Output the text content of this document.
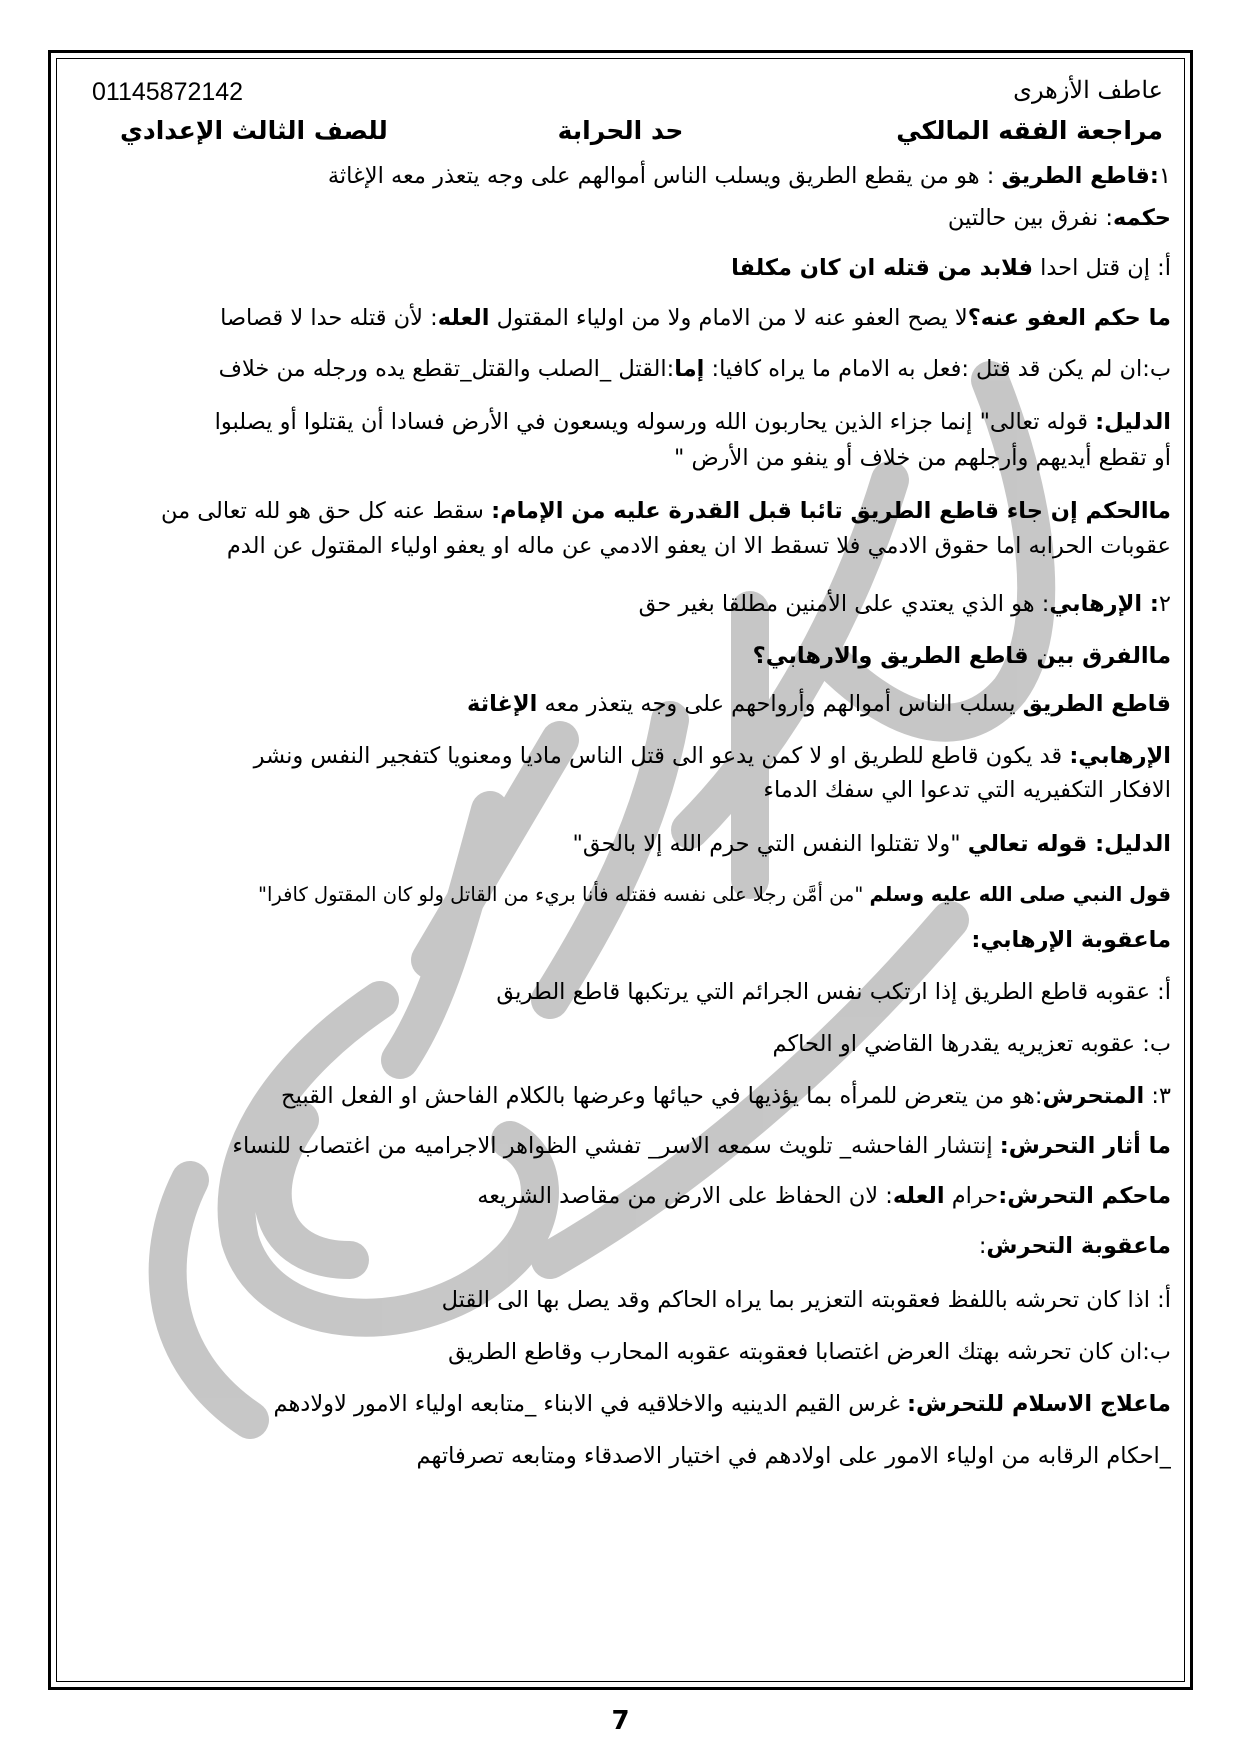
عاطف الأزهرى
01145872142
مراجعة الفقه المالكي
حد الحرابة
للصف الثالث الإعدادي
١:قاطع الطريق : هو من يقطع الطريق ويسلب الناس أموالهم على وجه يتعذر معه الإغاثة
حكمه: نفرق بين حالتين
أ: إن قتل احدا فلابد من قتله ان كان مكلفا
ما حكم العفو عنه؟لا يصح العفو عنه لا من الامام ولا من اولياء المقتول العله: لأن قتله حدا لا قصاصا
ب:ان لم يكن قد قتل :فعل به الامام ما يراه كافيا: إما:القتل _الصلب والقتل_تقطع يده ورجله من خلاف
الدليل: قوله تعالى" إنما جزاء الذين يحاربون الله ورسوله ويسعون في الأرض فسادا أن يقتلوا أو يصلبوا
أو تقطع أيديهم وأرجلهم من خلاف أو ينفو من الأرض "
ماالحكم إن جاء قاطع الطريق تائبا قبل القدرة عليه من الإمام: سقط عنه كل حق هو لله تعالى من
عقوبات الحرابه اما حقوق الادمي فلا تسقط الا ان يعفو الادمي عن ماله او يعفو اولياء المقتول عن الدم
٢: الإرهابي: هو الذي يعتدي على الأمنين مطلقا بغير حق
ماالفرق بين قاطع الطريق والارهابي؟
قاطع الطريق يسلب الناس أموالهم وأرواحهم على وجه يتعذر معه الإغاثة
الإرهابي: قد يكون قاطع للطريق او لا كمن يدعو الى قتل الناس ماديا ومعنويا كتفجير النفس ونشر
الافكار التكفيريه التي تدعوا الي سفك الدماء
الدليل: قوله تعالي "ولا تقتلوا النفس التي حرم الله إلا بالحق"
قول النبي صلى الله عليه وسلم "من أمَّن رجلا على نفسه فقتله فأنا بريء من القاتل ولو كان المقتول كافرا"
ماعقوبة الإرهابي:
أ: عقوبه قاطع الطريق إذا ارتكب نفس الجرائم التي يرتكبها قاطع الطريق
ب: عقوبه تعزيريه يقدرها القاضي او الحاكم
٣: المتحرش:هو من يتعرض للمرأه بما يؤذيها في حيائها وعرضها بالكلام الفاحش او الفعل القبيح
ما أثار التحرش: إنتشار الفاحشه_ تلويث سمعه الاسر_ تفشي الظواهر الاجراميه من اغتصاب للنساء
ماحكم التحرش:حرام العله: لان الحفاظ على الارض من مقاصد الشريعه
ماعقوبة التحرش:
أ: اذا كان تحرشه باللفظ فعقوبته التعزير بما يراه الحاكم وقد يصل بها الى القتل
ب:ان كان تحرشه بهتك العرض اغتصابا فعقوبته عقوبه المحارب وقاطع الطريق
ماعلاج الاسلام للتحرش: غرس القيم الدينيه والاخلاقيه في الابناء _متابعه اولياء الامور لاولادهم
_احكام الرقابه من اولياء الامور على اولادهم في اختيار الاصدقاء ومتابعه تصرفاتهم
7
